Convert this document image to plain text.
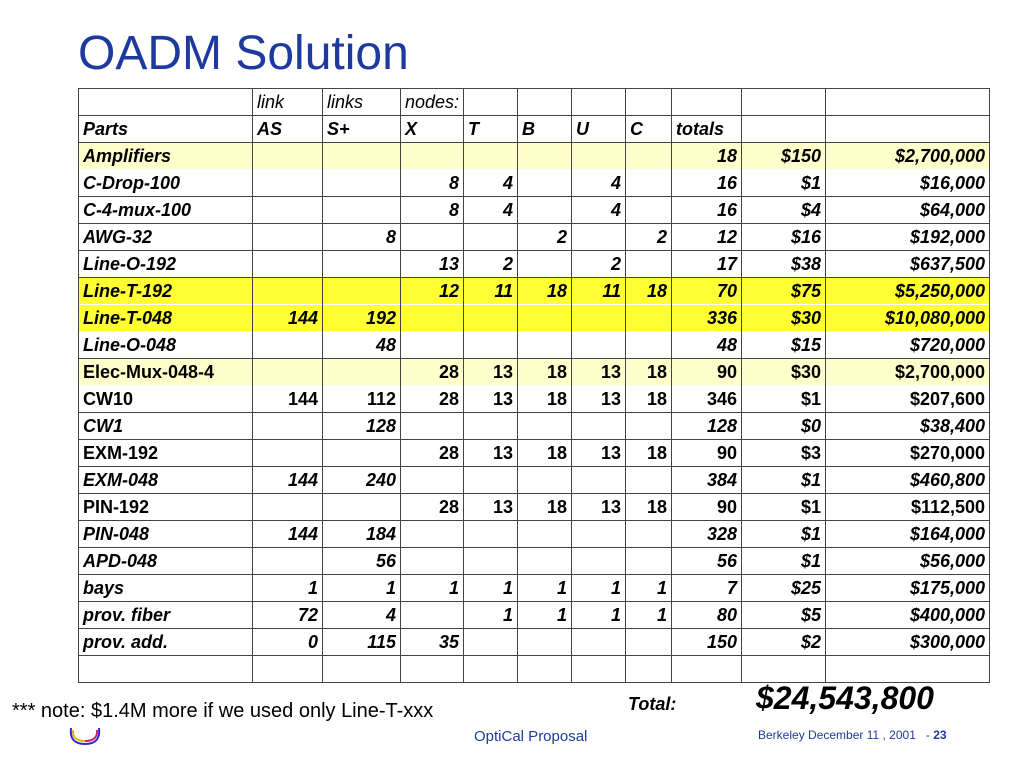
OADM Solution
	link	links	nodes:							
Parts	AS	S+	X	T	B	U	C	totals		
Amplifiers								18	$150	$2,700,000
C-Drop-100			8	4		4		16	$1	$16,000
C-4-mux-100			8	4		4		16	$4	$64,000
AWG-32		8			2		2	12	$16	$192,000
Line-O-192			13	2		2		17	$38	$637,500
Line-T-192			12	11	18	11	18	70	$75	$5,250,000
Line-T-048	144	192						336	$30	$10,080,000
Line-O-048		48						48	$15	$720,000
Elec-Mux-048-4			28	13	18	13	18	90	$30	$2,700,000
CW10	144	112	28	13	18	13	18	346	$1	$207,600
CW1		128						128	$0	$38,400
EXM-192			28	13	18	13	18	90	$3	$270,000
EXM-048	144	240						384	$1	$460,800
PIN-192			28	13	18	13	18	90	$1	$112,500
PIN-048	144	184						328	$1	$164,000
APD-048		56						56	$1	$56,000
bays	1	1	1	1	1	1	1	7	$25	$175,000
prov. fiber	72	4		1	1	1	1	80	$5	$400,000
prov. add.	0	115	35					150	$2	$300,000

Total: $24,543,800
*** note: $1.4M more if we used only Line-T-xxx
OptiCal Proposal	Berkeley December 11 , 2001 - 23
